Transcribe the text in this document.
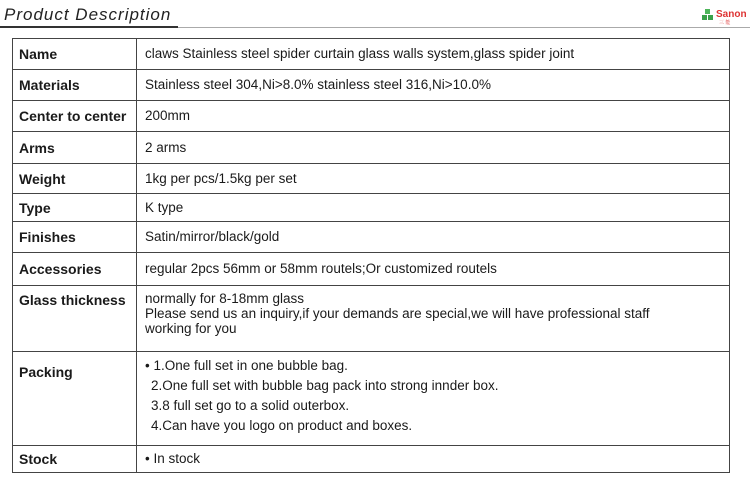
Product Description	Sanon
三 能
Name	claws Stainless steel spider curtain glass walls system,glass spider joint
Materials	Stainless steel 304,Ni>8.0% stainless steel 316,Ni>10.0%
Center to center	200mm
Arms	2 arms
Weight	1kg per pcs/1.5kg per set
Type	K type
Finishes	Satin/mirror/black/gold
Accessories	regular 2pcs 56mm or 58mm routels;Or customized routels
Glass thickness	normally for 8-18mm glass
Please send us an inquiry,if your demands are special,we will have professional staff
working for you

Packing	• 1.One full set in one bubble bag.
2.One full set with bubble bag pack into strong innder box.
3.8 full set go to a solid outerbox.
4.Can have you logo on product and boxes.

Stock	• In stock
